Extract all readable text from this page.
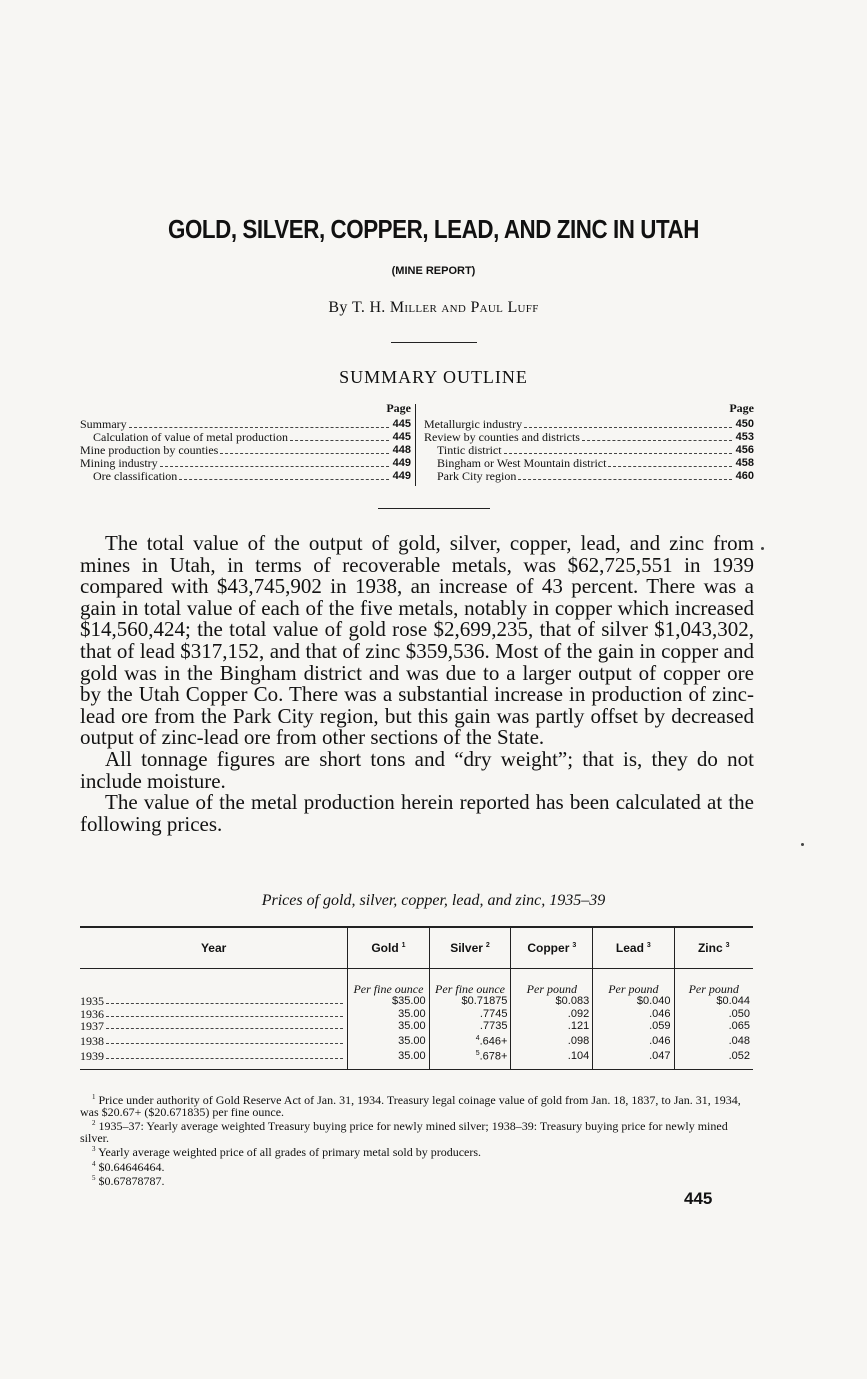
GOLD, SILVER, COPPER, LEAD, AND ZINC IN UTAH
(MINE REPORT)
By T. H. Miller and Paul Luff
SUMMARY OUTLINE
Page
Summary	445
Calculation of value of metal production	445
Mine production by counties	448
Mining industry	449
Ore classification	449
Page
Metallurgic industry	450
Review by counties and districts	453
Tintic district	456
Bingham or West Mountain district	458
Park City region	460

The total value of the output of gold, silver, copper, lead, and zinc from mines in Utah, in terms of recoverable metals, was $62,725,551 in 1939 compared with $43,745,902 in 1938, an increase of 43 percent. There was a gain in total value of each of the five metals, notably in copper which increased $14,560,424; the total value of gold rose $2,699,235, that of silver $1,043,302, that of lead $317,152, and that of zinc $359,536. Most of the gain in copper and gold was in the Bingham district and was due to a larger output of copper ore by the Utah Copper Co. There was a substantial increase in production of zinc-lead ore from the Park City region, but this gain was partly offset by decreased output of zinc-lead ore from other sections of the State.

All tonnage figures are short tons and “dry weight”; that is, they do not include moisture.

The value of the metal production herein reported has been calculated at the following prices.

Prices of gold, silver, copper, lead, and zinc, 1935–39
Year	Gold $^1$	Silver $^2$	Copper $^3$	Lead $^3$	Zinc $^3$
	Per fine ounce	Per fine ounce	Per pound	Per pound	Per pound

1935	$35.00	$0.71875	$0.083	$0.040	$0.044

1936	35.00	.7745	.092	.046	.050

1937	35.00	.7735	.121	.059	.065

1938	35.00	$^4$.646+	.098	.046	.048

1939	35.00	$^5$.678+	.104	.047	.052

$^1$ Price under authority of Gold Reserve Act of Jan. 31, 1934. Treasury legal coinage value of gold from Jan. 18, 1837, to Jan. 31, 1934, was $20.67+ ($20.671835) per fine ounce.

$^2$ 1935–37: Yearly average weighted Treasury buying price for newly mined silver; 1938–39: Treasury buying price for newly mined silver.

$^3$ Yearly average weighted price of all grades of primary metal sold by producers.

$^4$ $0.64646464.

$^5$ $0.67878787.

445
